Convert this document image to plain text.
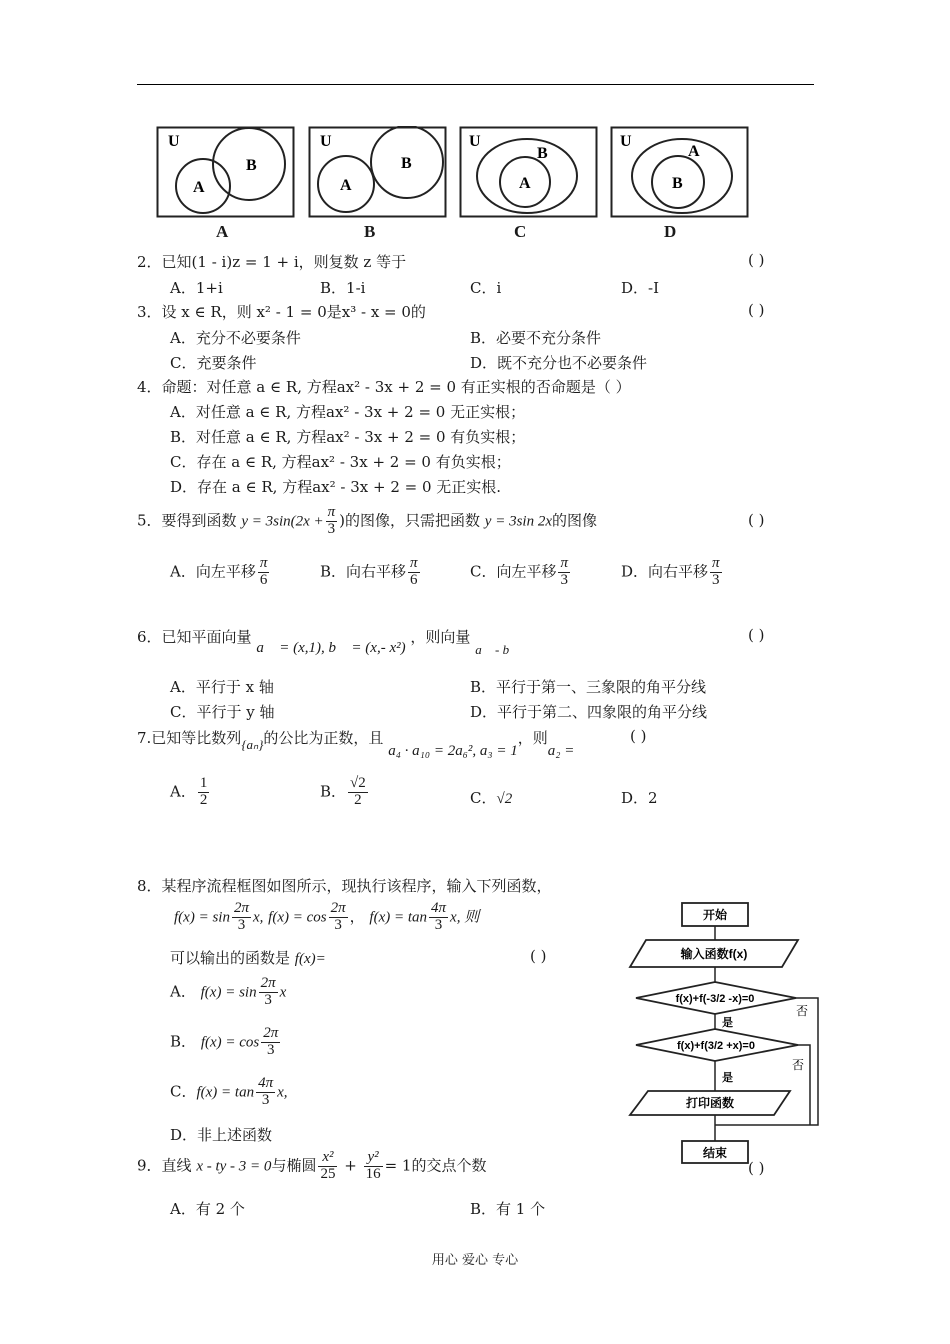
U
A
B
U
A
B
U
B
A
U
A
B
A	B	C	D
2．已知(1 - i)z = 1 + i，则复数 z 等于	( )
A．1+i	B．1-i	C．i	D．-I
3．设 x ∈ R，则 x² - 1 = 0是x³ - x = 0的	( )
A．充分不必要条件	B．必要不充分条件
C．充要条件	D．既不充分也不必要条件
4．命题：对任意 a ∈ R, 方程ax² - 3x + 2 = 0 有正实根的否命题是（ ）
A．对任意 a ∈ R, 方程ax² - 3x + 2 = 0 无正实根；
B．对任意 a ∈ R, 方程ax² - 3x + 2 = 0 有负实根；
C．存在 a ∈ R, 方程ax² - 3x + 2 = 0 有负实根；
D．存在 a ∈ R, 方程ax² - 3x + 2 = 0 无正实根.
5．要得到函数 $y = 3\sin(2x + \frac{\pi}{3}$ )的图像，只需把函数 y = 3sin 2x的图像	( )
A．向左平移 $\frac{\pi}{6}$	B．向右平移 $\frac{\pi}{6}$	C．向左平移 $\frac{\pi}{3}$	D．向右平移 $\frac{\pi}{3}$
6．已知平面向量 a⃗ = (x,1), b⃗ = (x,- x²) ，则向量 a⃗ - b⃗
( )
A．平行于 x 轴	B．平行于第一、三象限的角平分线
C．平行于 y 轴	D．平行于第二、四象限的角平分线
7.已知等比数列{aₙ}的公比为正数，且 a₄ · a₁₀ = 2a₆², a₃ = 1，则a₂ =
( )
A． $\frac{1}{2}$	B． $\frac{√2}{2}$	C．√2	D．2
8．某程序流程框图如图所示，现执行该程序，输入下列函数，
$f(x) = \sin \frac{2\pi}{3} x$, $f(x) = \cos \frac{2\pi}{3}$ ， $f(x) = \tan \frac{4\pi}{3} x$, 则
可以输出的函数是 f(x)=	( )
A． $f(x) = \sin \frac{2\pi}{3}$ x
B． $f(x) = \cos \frac{2\pi}{3}$
C．$f(x) = \tan \frac{4\pi}{3} x$,
D．非上述函数
开始
输入函数f(x)
f(x)+f(-3/2 -x)=0
是
f(x)+f(3/2 +x)=0
是
打印函数
结束
否
否
9．直线 x - ty - 3 = 0与椭圆 $\frac{\text{x²}}{25} + \frac{\text{y²}}{16} = 1$的交点个数	( )
A．有 2 个	B．有 1 个
用心 爱心 专心
